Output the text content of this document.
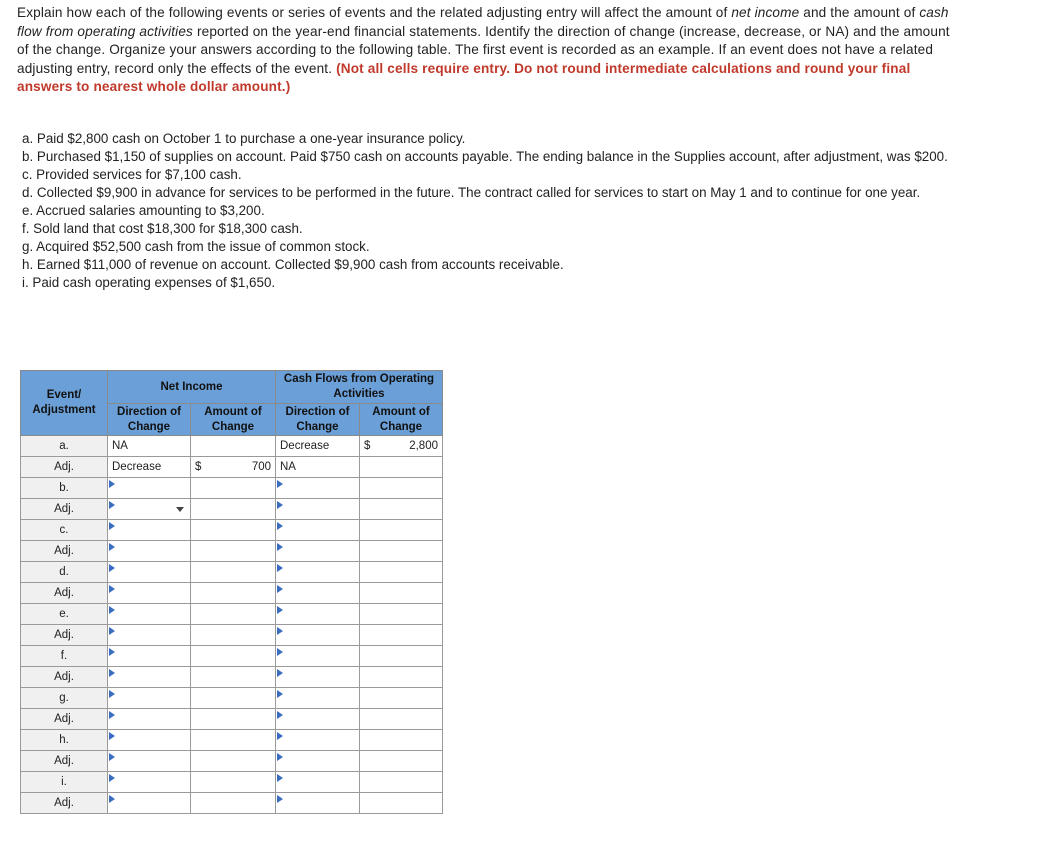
Explain how each of the following events or series of events and the related adjusting entry will affect the amount of net income and the amount of cash flow from operating activities reported on the year-end financial statements. Identify the direction of change (increase, decrease, or NA) and the amount of the change. Organize your answers according to the following table. The first event is recorded as an example. If an event does not have a related adjusting entry, record only the effects of the event. (Not all cells require entry. Do not round intermediate calculations and round your final answers to nearest whole dollar amount.)
a. Paid $2,800 cash on October 1 to purchase a one-year insurance policy.
b. Purchased $1,150 of supplies on account. Paid $750 cash on accounts payable. The ending balance in the Supplies account, after adjustment, was $200.
c. Provided services for $7,100 cash.
d. Collected $9,900 in advance for services to be performed in the future. The contract called for services to start on May 1 and to continue for one year.
e. Accrued salaries amounting to $3,200.
f. Sold land that cost $18,300 for $18,300 cash.
g. Acquired $52,500 cash from the issue of common stock.
h. Earned $11,000 of revenue on account. Collected $9,900 cash from accounts receivable.
i. Paid cash operating expenses of $1,650.
Event/ Adjustment	Net Income		Cash Flows from Operating Activities	
	Direction of Change	Amount of Change	Direction of Change	Amount of Change
a.	NA		Decrease	$ 2,800

Adj.	Decrease	$ 700	NA	

b.	

Adj.	

c.	

Adj.	

d.	

Adj.	

e.	

Adj.	

f.	

Adj.	

g.	

Adj.	

h.	

Adj.	

i.	

Adj.	
